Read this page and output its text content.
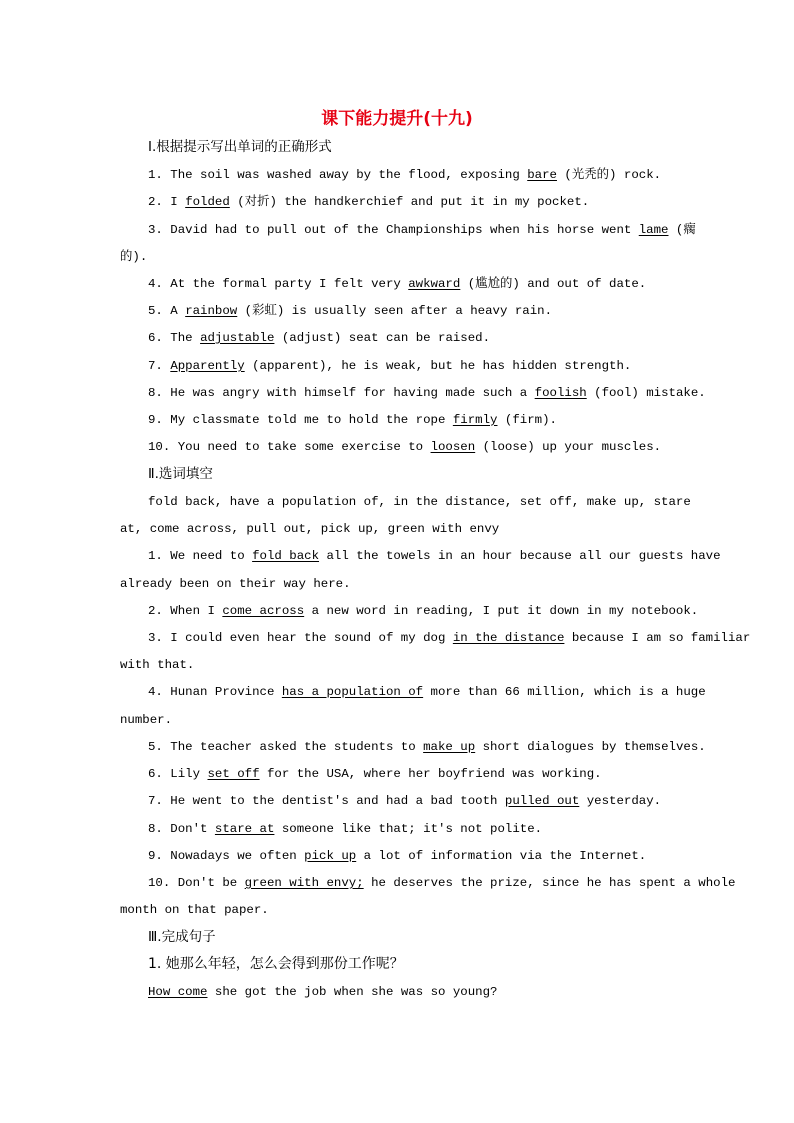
课下能力提升(十九)
Ⅰ.根据提示写出单词的正确形式
1. The soil was washed away by the flood, exposing bare (光秃的) rock.
2. I folded (对折) the handkerchief and put it in my pocket.
3. David had to pull out of the Championships when his horse went lame (瘸
的).
4. At the formal party I felt very awkward (尴尬的) and out of date.
5. A rainbow (彩虹) is usually seen after a heavy rain.
6. The adjustable (adjust) seat can be raised.
7. Apparently (apparent), he is weak, but he has hidden strength.
8. He was angry with himself for having made such a foolish (fool) mistake.
9. My classmate told me to hold the rope firmly (firm).
10. You need to take some exercise to loosen (loose) up your muscles.
Ⅱ.选词填空
fold back, have a population of, in the distance, set off, make up, stare
at, come across, pull out, pick up, green with envy
1. We need to fold back all the towels in an hour because all our guests have
already been on their way here.
2. When I come across a new word in reading, I put it down in my notebook.
3. I could even hear the sound of my dog in the distance because I am so familiar
with that.
4. Hunan Province has a population of more than 66 million, which is a huge
number.
5. The teacher asked the students to make up short dialogues by themselves.
6. Lily set off for the USA, where her boyfriend was working.
7. He went to the dentist's and had a bad tooth pulled out yesterday.
8. Don't stare at someone like that; it's not polite.
9. Nowadays we often pick up a lot of information via the Internet.
10. Don't be green with envy; he deserves the prize, since he has spent a whole
month on that paper.
Ⅲ.完成句子
1. 她那么年轻，怎么会得到那份工作呢？
How come she got the job when she was so young?
